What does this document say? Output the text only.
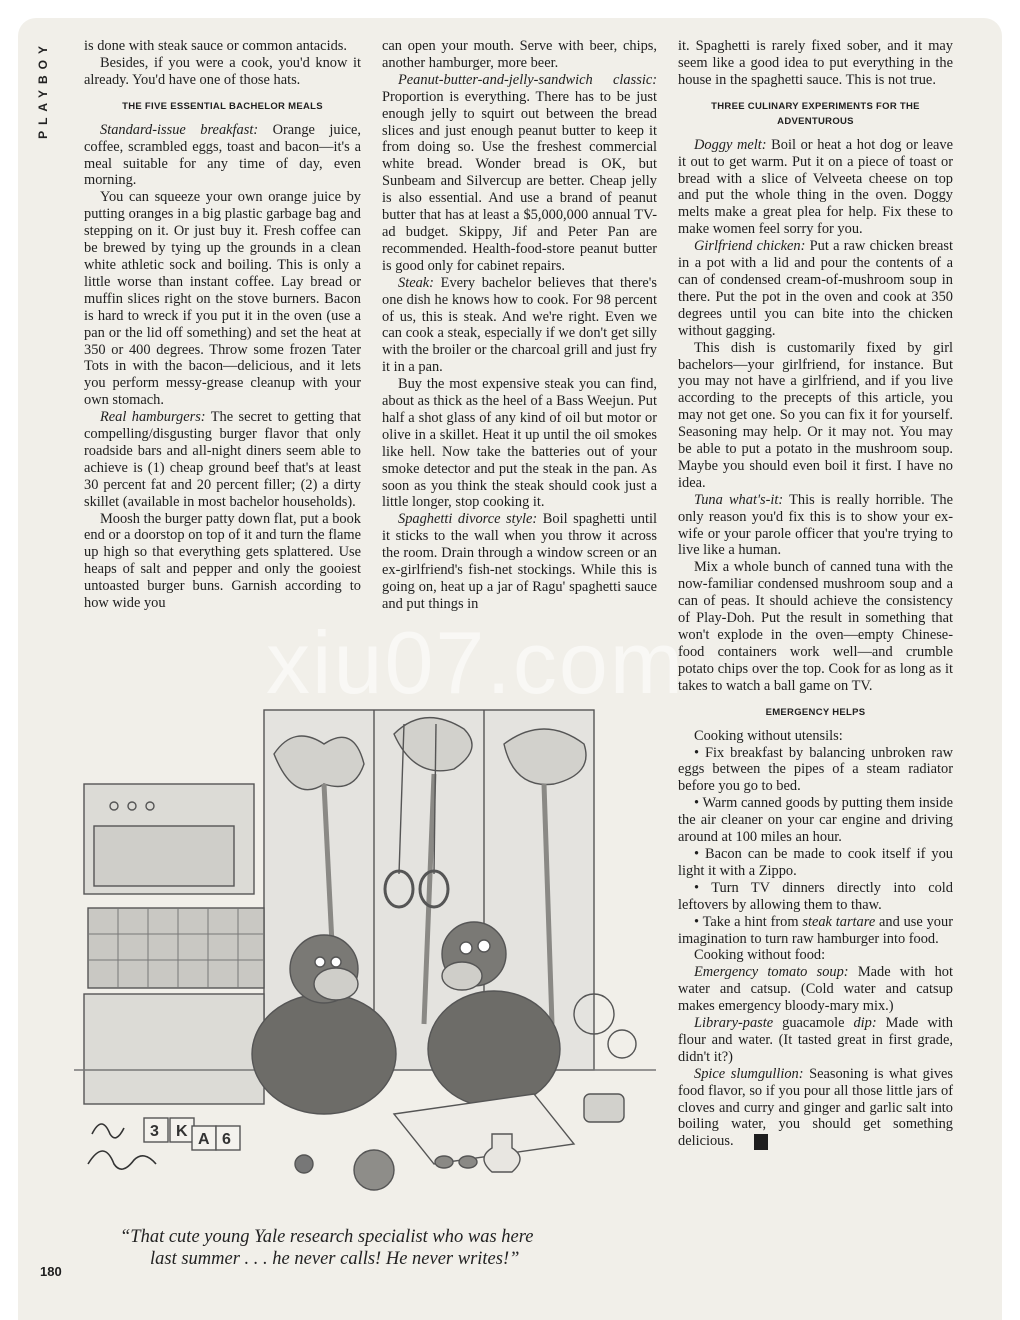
PLAYBOY	is done with steak sauce or common antacids.

Besides, if you were a cook, you'd know it already. You'd have one of those hats.

THE FIVE ESSENTIAL BACHELOR MEALS

Standard-issue breakfast: Orange juice, coffee, scrambled eggs, toast and bacon—it's a meal suitable for any time of day, even morning.

You can squeeze your own orange juice by putting oranges in a big plastic garbage bag and stepping on it. Or just buy it. Fresh coffee can be brewed by tying up the grounds in a clean white athletic sock and boiling. This is only a little worse than instant coffee. Lay bread or muffin slices right on the stove burners. Bacon is hard to wreck if you put it in the oven (use a pan or the lid off something) and set the heat at 350 or 400 degrees. Throw some frozen Tater Tots in with the bacon—delicious, and it lets you perform messy-grease cleanup with your own stomach.

Real hamburgers: The secret to getting that compelling/disgusting burger flavor that only roadside bars and all-night diners seem able to achieve is (1) cheap ground beef that's at least 30 percent fat and 20 percent filler; (2) a dirty skillet (available in most bachelor households).

Moosh the burger patty down flat, put a book end or a doorstop on top of it and turn the flame up high so that everything gets splattered. Use heaps of salt and pepper and only the gooiest untoasted burger buns. Garnish according to how wide you

can open your mouth. Serve with beer, chips, another hamburger, more beer.

Peanut-butter-and-jelly-sandwich classic: Proportion is everything. There has to be just enough jelly to squirt out between the bread slices and just enough peanut butter to keep it from doing so. Use the freshest commercial white bread. Wonder bread is OK, but Sunbeam and Silvercup are better. Cheap jelly is also essential. And use a brand of peanut butter that has at least a $5,000,000 annual TV-ad budget. Skippy, Jif and Peter Pan are recommended. Health-food-store peanut butter is good only for cabinet repairs.

Steak: Every bachelor believes that there's one dish he knows how to cook. For 98 percent of us, this is steak. And we're right. Even we can cook a steak, especially if we don't get silly with the broiler or the charcoal grill and just fry it in a pan.

Buy the most expensive steak you can find, about as thick as the heel of a Bass Weejun. Put half a shot glass of any kind of oil but motor or olive in a skillet. Heat it up until the oil smokes like hell. Now take the batteries out of your smoke detector and put the steak in the pan. As soon as you think the steak should cook just a little longer, stop cooking it.

Spaghetti divorce style: Boil spaghetti until it sticks to the wall when you throw it across the room. Drain through a window screen or an ex-girlfriend's fish-net stockings. While this is going on, heat up a jar of Ragu' spaghetti sauce and put things in

it. Spaghetti is rarely fixed sober, and it may seem like a good idea to put everything in the house in the spaghetti sauce. This is not true.

THREE CULINARY EXPERIMENTS FOR THE ADVENTUROUS

Doggy melt: Boil or heat a hot dog or leave it out to get warm. Put it on a piece of toast or bread with a slice of Velveeta cheese on top and put the whole thing in the oven. Doggy melts make a great plea for help. Fix these to make women feel sorry for you.

Girlfriend chicken: Put a raw chicken breast in a pot with a lid and pour the contents of a can of condensed cream-of-mushroom soup in there. Put the pot in the oven and cook at 350 degrees until you can bite into the chicken without gagging.

This dish is customarily fixed by girl bachelors—your girlfriend, for instance. But you may not have a girlfriend, and if you live according to the precepts of this article, you may not get one. So you can fix it for yourself. Seasoning may help. Or it may not. You may be able to put a potato in the mushroom soup. Maybe you should even boil it first. I have no idea.

Tuna what's-it: This is really horrible. The only reason you'd fix this is to show your ex-wife or your parole officer that you're trying to live like a human.

Mix a whole bunch of canned tuna with the now-familiar condensed mushroom soup and a can of peas. It should achieve the consistency of Play-Doh. Put the result in something that won't explode in the oven—empty Chinese-food containers work well—and crumble potato chips over the top. Cook for as long as it takes to watch a ball game on TV.

EMERGENCY HELPS

Cooking without utensils:

• Fix breakfast by balancing unbroken raw eggs between the pipes of a steam radiator before you go to bed.

• Warm canned goods by putting them inside the air cleaner on your car engine and driving around at 100 miles an hour.

• Bacon can be made to cook itself if you light it with a Zippo.

• Turn TV dinners directly into cold leftovers by allowing them to thaw.

• Take a hint from steak tartare and use your imagination to turn raw hamburger into food.

Cooking without food:

Emergency tomato soup: Made with hot water and catsup. (Cold water and catsup makes emergency bloody-mary mix.)

Library-paste guacamole dip: Made with flour and water. (It tasted great in first grade, didn't it?)

Spice slumgullion: Seasoning is what gives food flavor, so if you pour all those little jars of cloves and curry and ginger and garlic salt into boiling water, you should get something delicious.	Y

3 K A 6
“That cute young Yale research specialist who was here
last summer . . . he never calls! He never writes!”
xiu07.com
180
